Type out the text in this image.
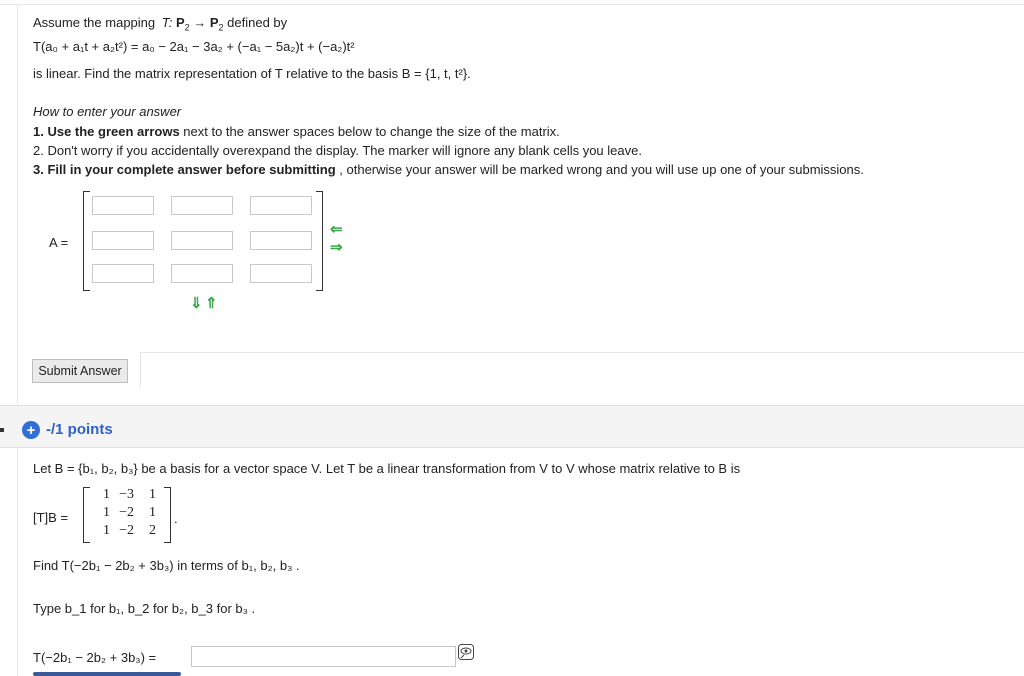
Assume the mapping T: $P_2 \to P_2$ defined by
T(a₀ + a₁t + a₂t²) = a₀ − 2a₁ − 3a₂ + (−a₁ − 5a₂)t + (−a₂)t²
is linear. Find the matrix representation of T relative to the basis B = {1, t, t²}.
How to enter your answer
1. Use the green arrows next to the answer spaces below to change the size of the matrix.
2. Don't worry if you accidentally overexpand the display. The marker will ignore any blank cells you leave.
3. Fill in your complete answer before submitting , otherwise your answer will be marked wrong and you will use up one of your submissions.
A =
⇐
⇒
⇓ ⇑
Submit Answer
+ -/1 points
Let B = {b₁, b₂, b₃} be a basis for a vector space V. Let T be a linear transformation from V to V whose matrix relative to B is
[T]B =
1 −3	1
1 −2	1
1 −2	2
.
Find T(−2b₁ − 2b₂ + 3b₃) in terms of b₁, b₂, b₃ .
Type b_1 for b₁, b_2 for b₂, b_3 for b₃ .
T(−2b₁ − 2b₂ + 3b₃) =
